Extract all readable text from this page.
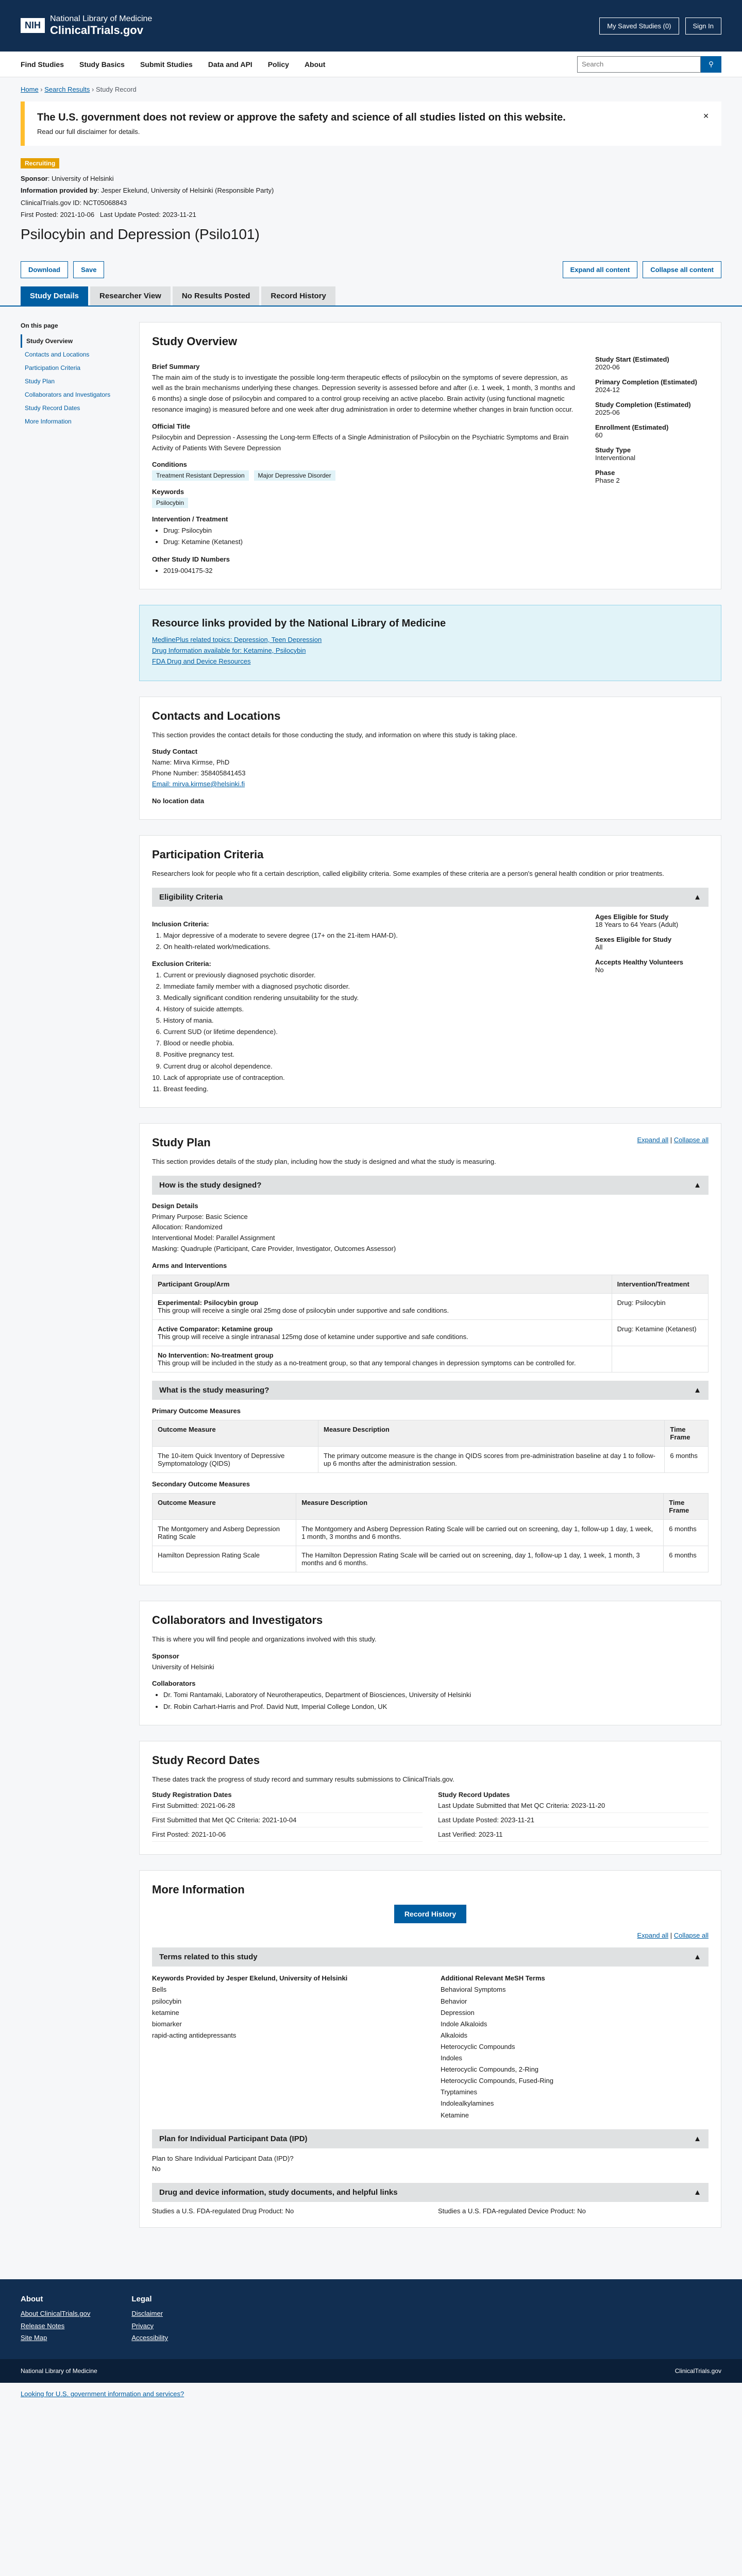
NIH
National Library of Medicine
ClinicalTrials.gov	My Saved Studies (0)	Sign In
Find Studies Study Basics Submit Studies Data and API Policy About
Search	⚲
Home › Search Results › Study Record
The U.S. government does not review or approve the safety and science of all studies listed on this website.

Read our full disclaimer for details.

✕
Recruiting
Sponsor: University of Helsinki
Information provided by: Jesper Ekelund, University of Helsinki (Responsible Party)
ClinicalTrials.gov ID: NCT05068843
First Posted: 2021-10-06   Last Update Posted: 2023-11-21
Psilocybin and Depression (Psilo101)
Download	Save	Expand all content	Collapse all content
Study Details	Researcher View	No Results Posted	Record History
On this page
Study Overview
Contacts and Locations
Participation Criteria
Study Plan
Collaborators and Investigators
Study Record Dates
More Information
Study Overview
Brief Summary

The main aim of the study is to investigate the possible long-term therapeutic effects of psilocybin on the symptoms of severe depression, as well as the brain mechanisms underlying these changes. Depression severity is assessed before and after (i.e. 1 week, 1 month, 3 months and 6 months) a single dose of psilocybin and compared to a control group receiving an active placebo. Brain activity (using functional magnetic resonance imaging) is measured before and one week after drug administration in order to determine whether changes in brain function occur.

Official Title

Psilocybin and Depression - Assessing the Long-term Effects of a Single Administration of Psilocybin on the Psychiatric Symptoms and Brain Activity of Patients With Severe Depression

Conditions
Treatment Resistant Depression Major Depressive Disorder
Keywords
Psilocybin
Intervention / Treatment
• Drug: Psilocybin
• Drug: Ketamine (Ketanest)
Other Study ID Numbers
• 2019-004175-32
Study Start (Estimated)
2020-06
Primary Completion (Estimated)
2024-12
Study Completion (Estimated)
2025-06
Enrollment (Estimated)
60
Study Type
Interventional
Phase
Phase 2
Resource links provided by the National Library of Medicine

MedlinePlus related topics: Depression, Teen Depression

Drug Information available for: Ketamine, Psilocybin

FDA Drug and Device Resources

Contacts and Locations

This section provides the contact details for those conducting the study, and information on where this study is taking place.

Study Contact

Name: Mirva Kirmse, PhD

Phone Number: 358405841453

Email: mirva.kirmse@helsinki.fi

No location data
Participation Criteria

Researchers look for people who fit a certain description, called eligibility criteria. Some examples of these criteria are a person's general health condition or prior treatments.

Eligibility Criteria	▲
Inclusion Criteria:
1. Major depressive of a moderate to severe degree (17+ on the 21-item HAM-D).
2. On health-related work/medications.
Exclusion Criteria:
1. Current or previously diagnosed psychotic disorder.
2. Immediate family member with a diagnosed psychotic disorder.
3. Medically significant condition rendering unsuitability for the study.
4. History of suicide attempts.
5. History of mania.
6. Current SUD (or lifetime dependence).
7. Blood or needle phobia.
8. Positive pregnancy test.
9. Current drug or alcohol dependence.
10. Lack of appropriate use of contraception.
11. Breast feeding.
Ages Eligible for Study
18 Years to 64 Years (Adult)
Sexes Eligible for Study
All
Accepts Healthy Volunteers
No
Study Plan	Expand all | Collapse all

This section provides details of the study plan, including how the study is designed and what the study is measuring.

How is the study designed?	▲
Design Details

Primary Purpose: Basic Science

Allocation: Randomized

Interventional Model: Parallel Assignment

Masking: Quadruple (Participant, Care Provider, Investigator, Outcomes Assessor)

Arms and Interventions
Participant Group/Arm	Intervention/Treatment
Experimental: Psilocybin group
This group will receive a single oral 25mg dose of psilocybin under supportive and safe conditions.	Drug: Psilocybin
Active Comparator: Ketamine group
This group will receive a single intranasal 125mg dose of ketamine under supportive and safe conditions.	Drug: Ketamine (Ketanest)
No Intervention: No-treatment group
This group will be included in the study as a no-treatment group, so that any temporal changes in depression symptoms can be controlled for.	
What is the study measuring?	▲
Primary Outcome Measures
Outcome Measure	Measure Description	Time Frame
The 10-item Quick Inventory of Depressive Symptomatology (QIDS)	The primary outcome measure is the change in QIDS scores from pre-administration baseline at day 1 to follow-up 6 months after the administration session.	6 months
Secondary Outcome Measures
Outcome Measure	Measure Description	Time Frame
The Montgomery and Asberg Depression Rating Scale	The Montgomery and Asberg Depression Rating Scale will be carried out on screening, day 1, follow-up 1 day, 1 week, 1 month, 3 months and 6 months.	6 months
Hamilton Depression Rating Scale	The Hamilton Depression Rating Scale will be carried out on screening, day 1, follow-up 1 day, 1 week, 1 month, 3 months and 6 months.	6 months
Collaborators and Investigators

This is where you will find people and organizations involved with this study.

Sponsor

University of Helsinki

Collaborators
• Dr. Tomi Rantamaki, Laboratory of Neurotherapeutics, Department of Biosciences, University of Helsinki
• Dr. Robin Carhart-Harris and Prof. David Nutt, Imperial College London, UK
Study Record Dates

These dates track the progress of study record and summary results submissions to ClinicalTrials.gov.

Study Registration Dates
First Submitted: 2021-06-28
First Submitted that Met QC Criteria: 2021-10-04
First Posted: 2021-10-06
Study Record Updates
Last Update Submitted that Met QC Criteria: 2023-11-20
Last Update Posted: 2023-11-21
Last Verified: 2023-11
More Information
Record History
Expand all | Collapse all
Terms related to this study	▲
Keywords Provided by Jesper Ekelund, University of Helsinki
Bells
psilocybin
ketamine
biomarker
rapid-acting antidepressants
Additional Relevant MeSH Terms
Behavioral Symptoms
Behavior
Depression
Indole Alkaloids
Alkaloids
Heterocyclic Compounds
Indoles
Heterocyclic Compounds, 2-Ring
Heterocyclic Compounds, Fused-Ring
Tryptamines
Indolealkylamines
Ketamine
Plan for Individual Participant Data (IPD)	▲

Plan to Share Individual Participant Data (IPD)?

No

Drug and device information, study documents, and helpful links	▲
Studies a U.S. FDA-regulated Drug Product: No	Studies a U.S. FDA-regulated Device Product: No
About
About ClinicalTrials.gov
Release Notes
Site Map
Legal
Disclaimer
Privacy
Accessibility
National Library of Medicine	ClinicalTrials.gov
Looking for U.S. government information and services?
